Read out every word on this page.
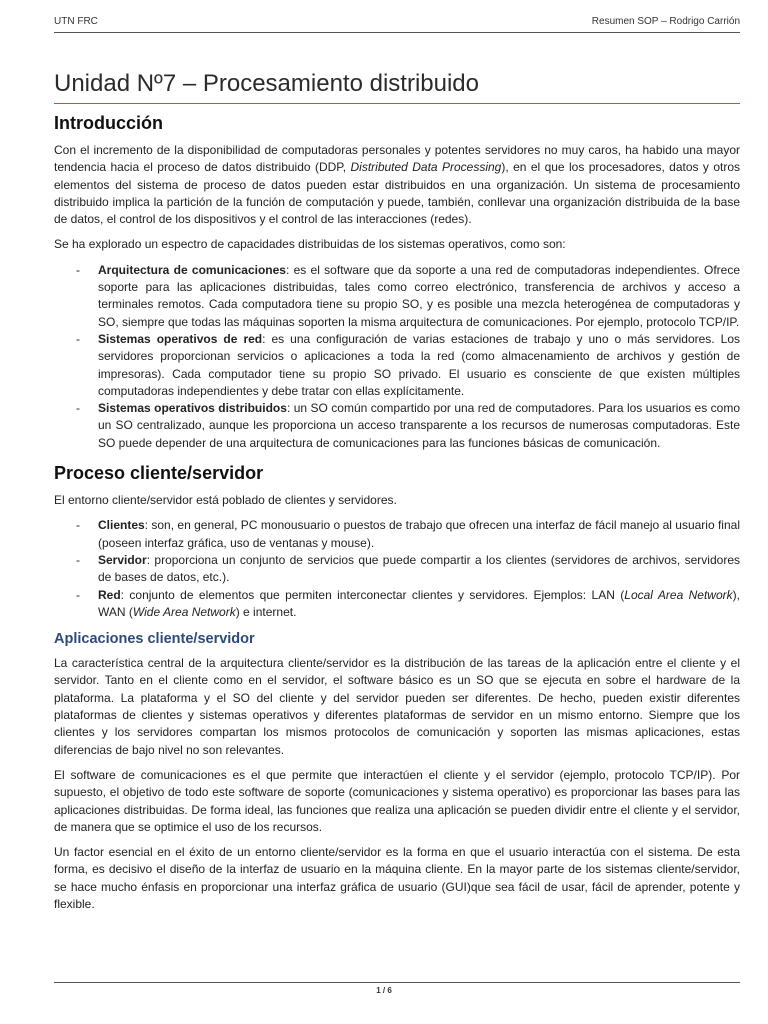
UTN FRC	Resumen SOP – Rodrigo Carrión
Unidad Nº7 – Procesamiento distribuido
Introducción

Con el incremento de la disponibilidad de computadoras personales y potentes servidores no muy caros, ha habido una mayor tendencia hacia el proceso de datos distribuido (DDP, Distributed Data Processing), en el que los procesadores, datos y otros elementos del sistema de proceso de datos pueden estar distribuidos en una organización. Un sistema de procesamiento distribuido implica la partición de la función de computación y puede, también, conllevar una organización distribuida de la base de datos, el control de los dispositivos y el control de las interacciones (redes).

Se ha explorado un espectro de capacidades distribuidas de los sistemas operativos, como son:

- Arquitectura de comunicaciones: es el software que da soporte a una red de computadoras independientes. Ofrece soporte para las aplicaciones distribuidas, tales como correo electrónico, transferencia de archivos y acceso a terminales remotos. Cada computadora tiene su propio SO, y es posible una mezcla heterogénea de computadoras y SO, siempre que todas las máquinas soporten la misma arquitectura de comunicaciones. Por ejemplo, protocolo TCP/IP.
- Sistemas operativos de red: es una configuración de varias estaciones de trabajo y uno o más servidores. Los servidores proporcionan servicios o aplicaciones a toda la red (como almacenamiento de archivos y gestión de impresoras). Cada computador tiene su propio SO privado. El usuario es consciente de que existen múltiples computadoras independientes y debe tratar con ellas explícitamente.
- Sistemas operativos distribuidos: un SO común compartido por una red de computadores. Para los usuarios es como un SO centralizado, aunque les proporciona un acceso transparente a los recursos de numerosas computadoras. Este SO puede depender de una arquitectura de comunicaciones para las funciones básicas de comunicación.
Proceso cliente/servidor

El entorno cliente/servidor está poblado de clientes y servidores.

- Clientes: son, en general, PC monousuario o puestos de trabajo que ofrecen una interfaz de fácil manejo al usuario final (poseen interfaz gráfica, uso de ventanas y mouse).
- Servidor: proporciona un conjunto de servicios que puede compartir a los clientes (servidores de archivos, servidores de bases de datos, etc.).
- Red: conjunto de elementos que permiten interconectar clientes y servidores. Ejemplos: LAN (Local Area Network), WAN (Wide Area Network) e internet.
Aplicaciones cliente/servidor

La característica central de la arquitectura cliente/servidor es la distribución de las tareas de la aplicación entre el cliente y el servidor. Tanto en el cliente como en el servidor, el software básico es un SO que se ejecuta en sobre el hardware de la plataforma. La plataforma y el SO del cliente y del servidor pueden ser diferentes. De hecho, pueden existir diferentes plataformas de clientes y sistemas operativos y diferentes plataformas de servidor en un mismo entorno. Siempre que los clientes y los servidores compartan los mismos protocolos de comunicación y soporten las mismas aplicaciones, estas diferencias de bajo nivel no son relevantes.

El software de comunicaciones es el que permite que interactúen el cliente y el servidor (ejemplo, protocolo TCP/IP). Por supuesto, el objetivo de todo este software de soporte (comunicaciones y sistema operativo) es proporcionar las bases para las aplicaciones distribuidas. De forma ideal, las funciones que realiza una aplicación se pueden dividir entre el cliente y el servidor, de manera que se optimice el uso de los recursos.

Un factor esencial en el éxito de un entorno cliente/servidor es la forma en que el usuario interactúa con el sistema. De esta forma, es decisivo el diseño de la interfaz de usuario en la máquina cliente. En la mayor parte de los sistemas cliente/servidor, se hace mucho énfasis en proporcionar una interfaz gráfica de usuario (GUI)que sea fácil de usar, fácil de aprender, potente y flexible.

1 / 6
